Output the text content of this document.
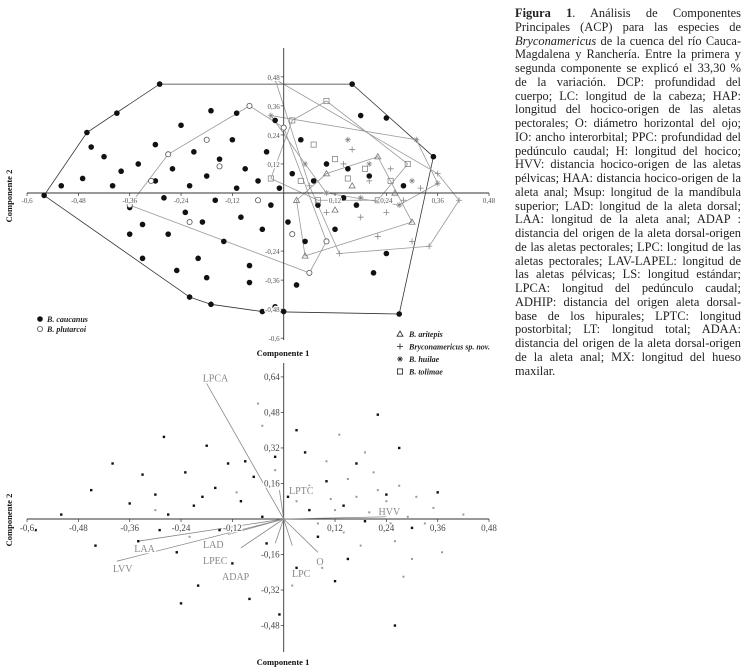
-0,6	-0,48	-0,36	-0,24	-0,12	0,12	0,24	0,36	0,48
0,48
0,36
0,24
0,12
-0,24
-0,36
-0,48
-0,6
Componente 1
Componente 2
B. caucanus
B. plutarcoi
B. aritepis
Bryconamericus sp. nov.
B. huilae
B. tolimae
LPCA
LAA
LVV
LAD
LPEC
ADAP	LPC
O
HVV
LPTC
-0,6	-0,48	-0,36	-0,24	-0,12	0,12	0,24	0,36	0,48
0,64
0,48
0,32
0,16
-0,16
-0,32
-0,48
Componente 1
Componente 2
Figura 1. Análisis de Componentes Principales (ACP) para las especies de Bryconamericus de la cuenca del río Cauca-Magdalena y Ranchería. Entre la primera y segunda componente se explicó el 33,30 % de la variación. DCP: profundidad del cuerpo; LC: longitud de la cabeza; HAP: longitud del hocico-origen de las aletas pectorales; O: diámetro horizontal del ojo; IO: ancho interorbital; PPC: profundidad del pedúnculo caudal; H: longitud del hocico; HVV: distancia hocico-origen de las aletas pélvicas; HAA: distancia hocico-origen de la aleta anal; Msup: longitud de la mandíbula superior; LAD: longitud de la aleta dorsal; LAA: longitud de la aleta anal; ADAP : distancia del origen de la aleta dorsal-origen de las aletas pectorales; LPC: longitud de las aletas pectorales; LAV-LAPEL: longitud de las aletas pélvicas; LS: longitud estándar; LPCA: longitud del pedúnculo caudal; ADHIP: distancia del origen aleta dorsal-base de los hipurales; LPTC: longitud postorbital; LT: longitud total; ADAA: distancia del origen de la aleta dorsal-origen de la aleta anal; MX: longitud del hueso maxilar.
